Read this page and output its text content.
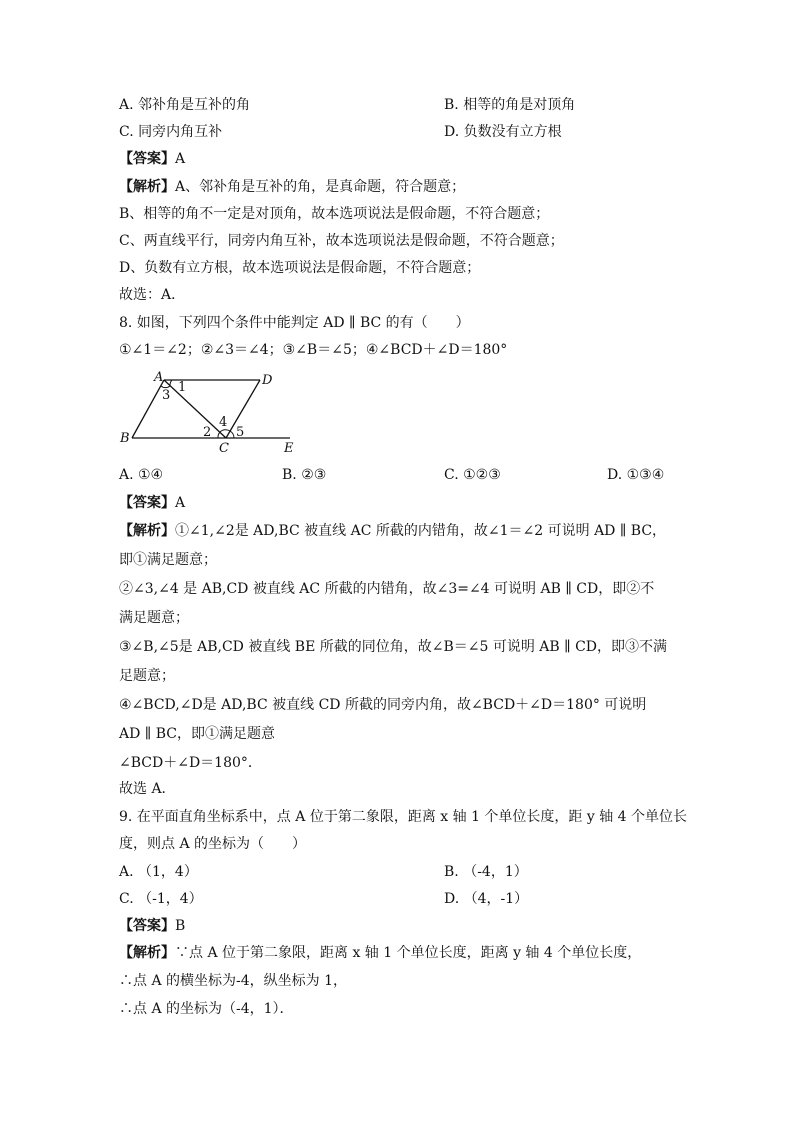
A. 邻补角是互补的角	B. 相等的角是对顶角
C. 同旁内角互补	D. 负数没有立方根
【答案】A
【解析】A、邻补角是互补的角，是真命题，符合题意；
B、相等的角不一定是对顶角，故本选项说法是假命题，不符合题意；
C、两直线平行，同旁内角互补，故本选项说法是假命题，不符合题意；
D、负数有立方根，故本选项说法是假命题，不符合题意；
故选：A．
8. 如图，下列四个条件中能判定 AD ∥ BC 的有（　　）
①∠1＝∠2；②∠3＝∠4；③∠B＝∠5；④∠BCD＋∠D＝180°
A	D
B
C	E
1
3
2
4
5
A. ①④	B. ②③	C. ①②③	D. ①③④
【答案】A
【解析】①∠1,∠2是 AD,BC 被直线 AC 所截的内错角，故∠1＝∠2 可说明 AD ∥ BC，
即①满足题意；
②∠3,∠4 是 AB,CD 被直线 AC 所截的内错角，故∠3=∠4 可说明 AB ∥ CD，即②不
满足题意；
③∠B,∠5是 AB,CD 被直线 BE 所截的同位角，故∠B＝∠5 可说明 AB ∥ CD，即③不满
足题意；
④∠BCD,∠D是 AD,BC 被直线 CD 所截的同旁内角，故∠BCD＋∠D＝180° 可说明
AD ∥ BC，即①满足题意
∠BCD＋∠D＝180°．
故选 A．
9. 在平面直角坐标系中，点 A 位于第二象限，距离 x 轴 1 个单位长度，距 y 轴 4 个单位长
度，则点 A 的坐标为（　　）
A. （1，4）	B. （-4，1）
C. （-1，4）	D. （4，-1）
【答案】B
【解析】∵点 A 位于第二象限，距离 x 轴 1 个单位长度，距离 y 轴 4 个单位长度，
∴点 A 的横坐标为-4，纵坐标为 1，
∴点 A 的坐标为（-4，1）．
